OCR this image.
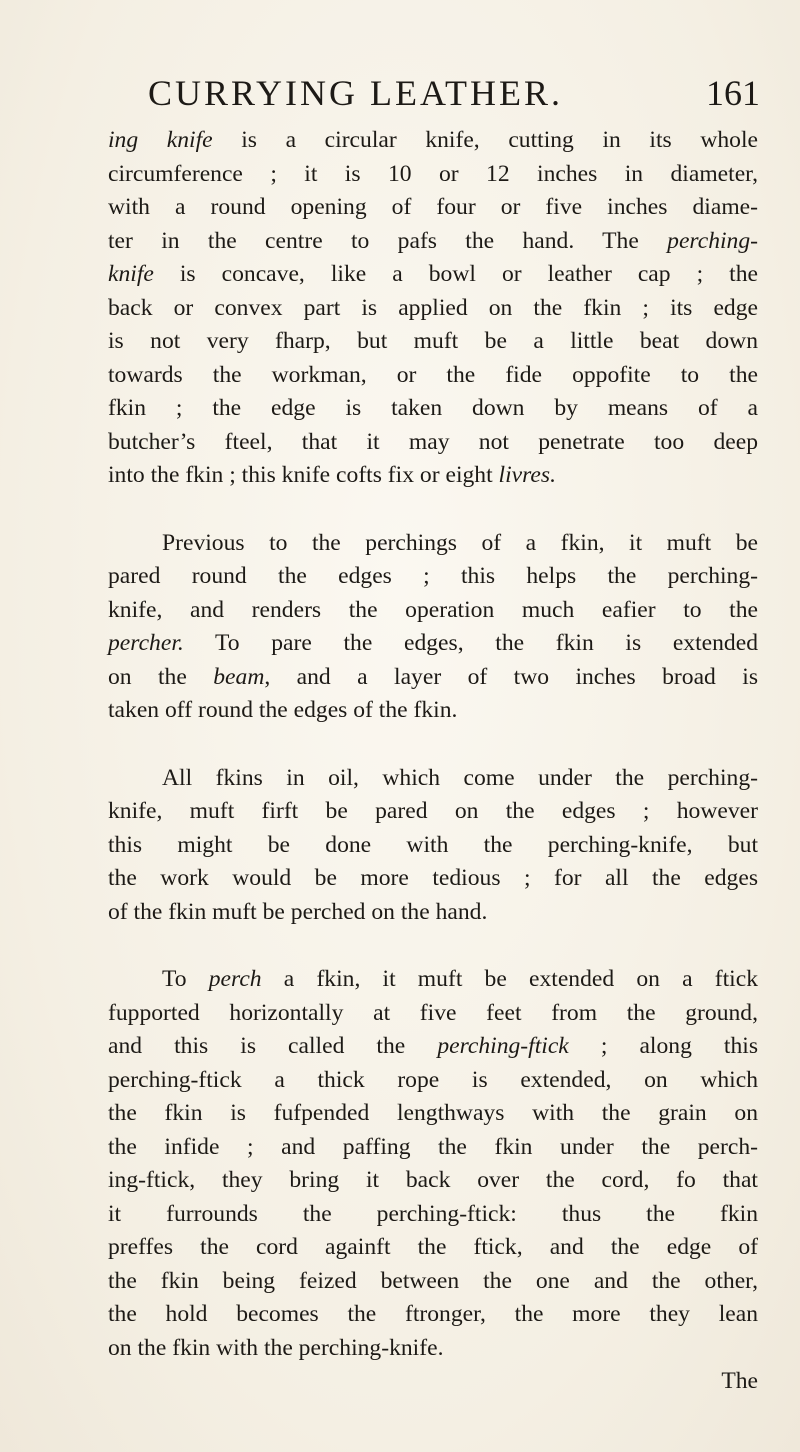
CURRYING LEATHER.	161
ing knife is a circular knife, cutting in its whole
circumference ; it is 10 or 12 inches in diameter,
with a round opening of four or five inches diame-
ter in the centre to pafs the hand. The perching-
knife is concave, like a bowl or leather cap ; the
back or convex part is applied on the fkin ; its edge
is not very fharp, but muft be a little beat down
towards the workman, or the fide oppofite to the
fkin ; the edge is taken down by means of a
butcher’s fteel, that it may not penetrate too deep
into the fkin ; this knife cofts fix or eight livres.
Previous to the perchings of a fkin, it muft be
pared round the edges ; this helps the perching-
knife, and renders the operation much eafier to the
percher. To pare the edges, the fkin is extended
on the beam, and a layer of two inches broad is
taken off round the edges of the fkin.
All fkins in oil, which come under the perching-
knife, muft firft be pared on the edges ; however
this might be done with the perching-knife, but
the work would be more tedious ; for all the edges
of the fkin muft be perched on the hand.
To perch a fkin, it muft be extended on a ftick
fupported horizontally at five feet from the ground,
and this is called the perching-ftick ; along this
perching-ftick a thick rope is extended, on which
the fkin is fufpended lengthways with the grain on
the infide ; and paffing the fkin under the perch-
ing-ftick, they bring it back over the cord, fo that
it furrounds the perching-ftick: thus the fkin
preffes the cord againft the ftick, and the edge of
the fkin being feized between the one and the other,
the hold becomes the ftronger, the more they lean
on the fkin with the perching-knife.
The
